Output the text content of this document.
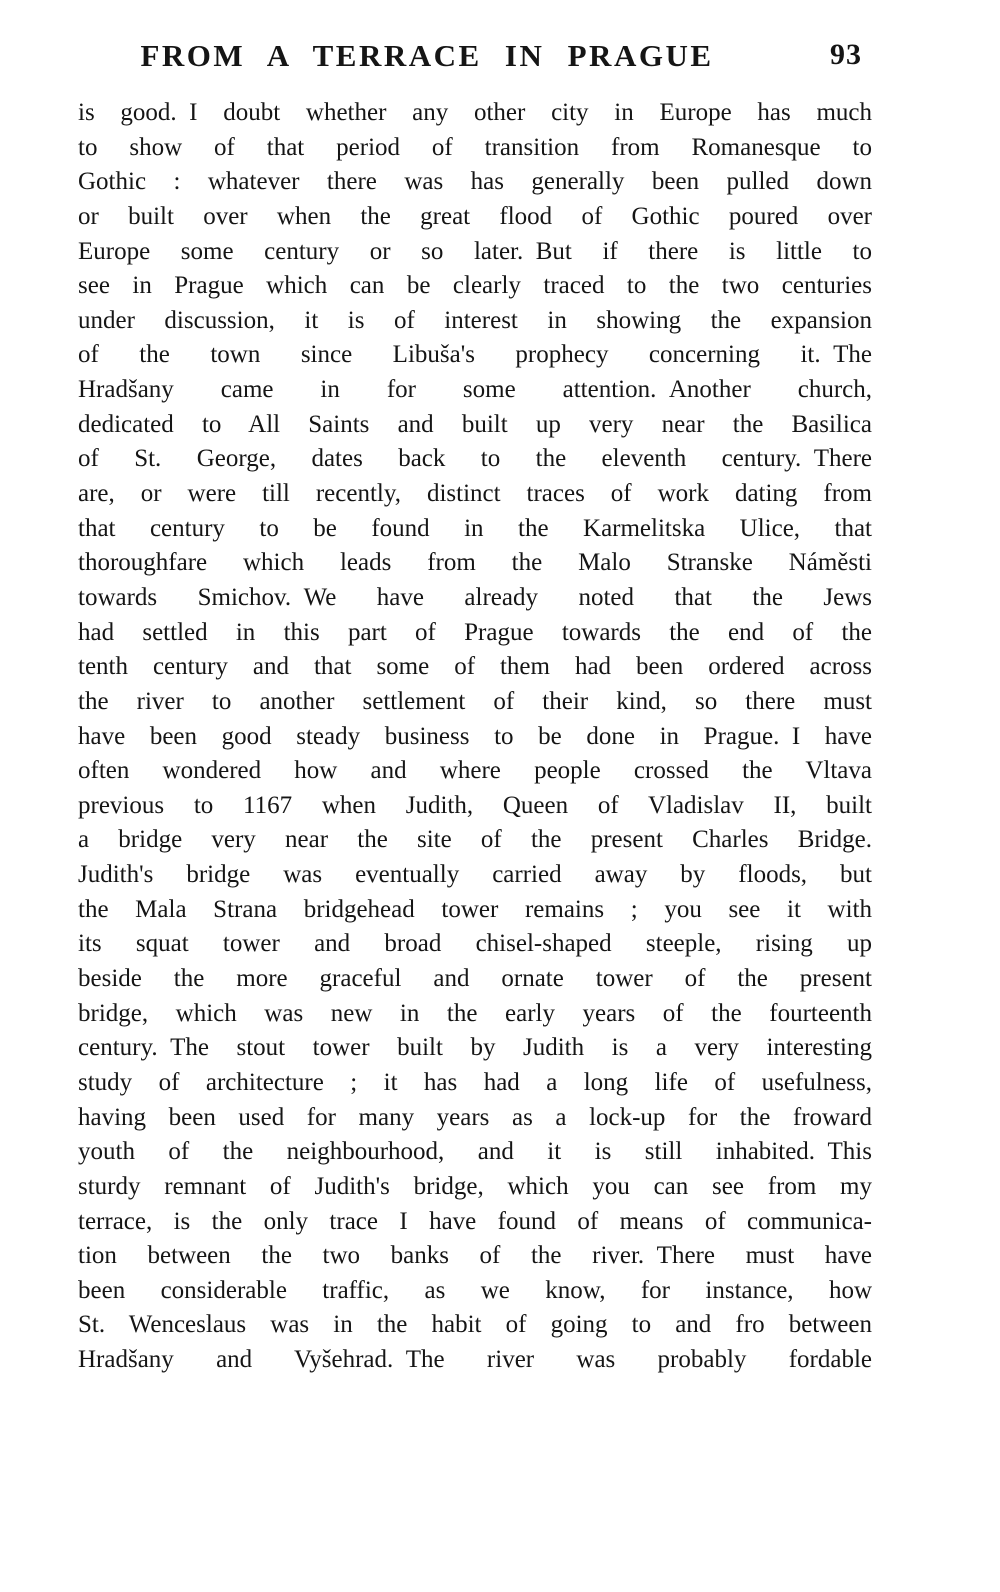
FROM A TERRACE IN PRAGUE	93
is good. I doubt whether any other city in Europe has much
to show of that period of transition from Romanesque to
Gothic : whatever there was has generally been pulled down
or built over when the great flood of Gothic poured over
Europe some century or so later. But if there is little to
see in Prague which can be clearly traced to the two centuries
under discussion, it is of interest in showing the expansion
of the town since Libuša's prophecy concerning it. The
Hradšany came in for some attention. Another church,
dedicated to All Saints and built up very near the Basilica
of St. George, dates back to the eleventh century. There
are, or were till recently, distinct traces of work dating from
that century to be found in the Karmelitska Ulice, that
thoroughfare which leads from the Malo Stranske Náměsti
towards Smichov. We have already noted that the Jews
had settled in this part of Prague towards the end of the
tenth century and that some of them had been ordered across
the river to another settlement of their kind, so there must
have been good steady business to be done in Prague. I have
often wondered how and where people crossed the Vltava
previous to 1167 when Judith, Queen of Vladislav II, built
a bridge very near the site of the present Charles Bridge.
Judith's bridge was eventually carried away by floods, but
the Mala Strana bridgehead tower remains ; you see it with
its squat tower and broad chisel-shaped steeple, rising up
beside the more graceful and ornate tower of the present
bridge, which was new in the early years of the fourteenth
century. The stout tower built by Judith is a very interesting
study of architecture ; it has had a long life of usefulness,
having been used for many years as a lock-up for the froward
youth of the neighbourhood, and it is still inhabited. This
sturdy remnant of Judith's bridge, which you can see from my
terrace, is the only trace I have found of means of communica-
tion between the two banks of the river. There must have
been considerable traffic, as we know, for instance, how
St. Wenceslaus was in the habit of going to and fro between
Hradšany and Vyšehrad. The river was probably fordable
